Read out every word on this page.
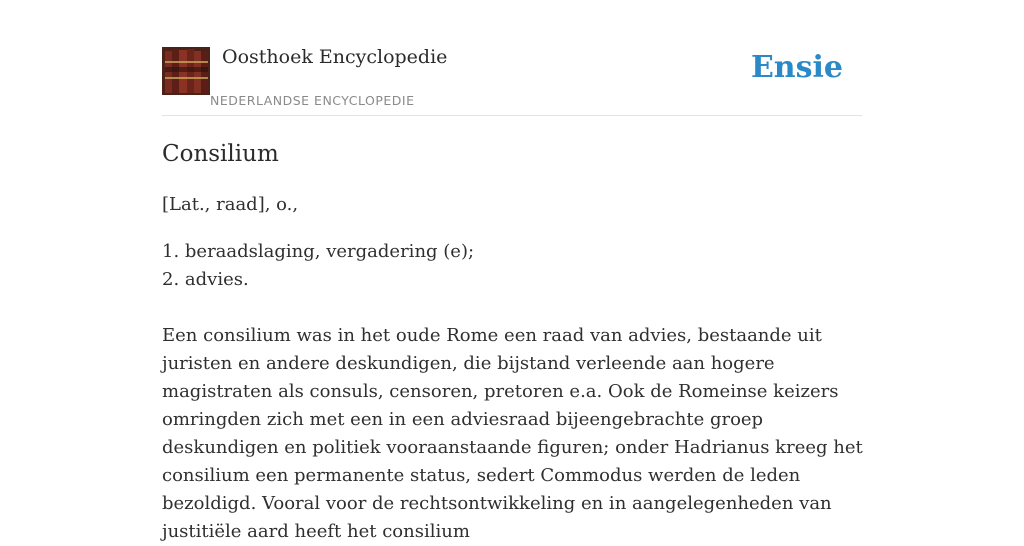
Oosthoek Encyclopedie
NEDERLANDSE ENCYCLOPEDIE
Ensie
Consilium

[Lat., raad], o.,

1. beraadslaging, vergadering (e);
2. advies.

Een consilium was in het oude Rome een raad van advies, bestaande uit juristen en andere deskundigen, die bijstand verleende aan hogere magistraten als consuls, censoren, pretoren e.a. Ook de Romeinse keizers omringden zich met een in een adviesraad bijeengebrachte groep deskundigen en politiek vooraanstaande figuren; onder Hadrianus kreeg het consilium een permanente status, sedert Commodus werden de leden bezoldigd. Vooral voor de rechtsontwikkeling en in aangelegenheden van justitiële aard heeft het consilium
